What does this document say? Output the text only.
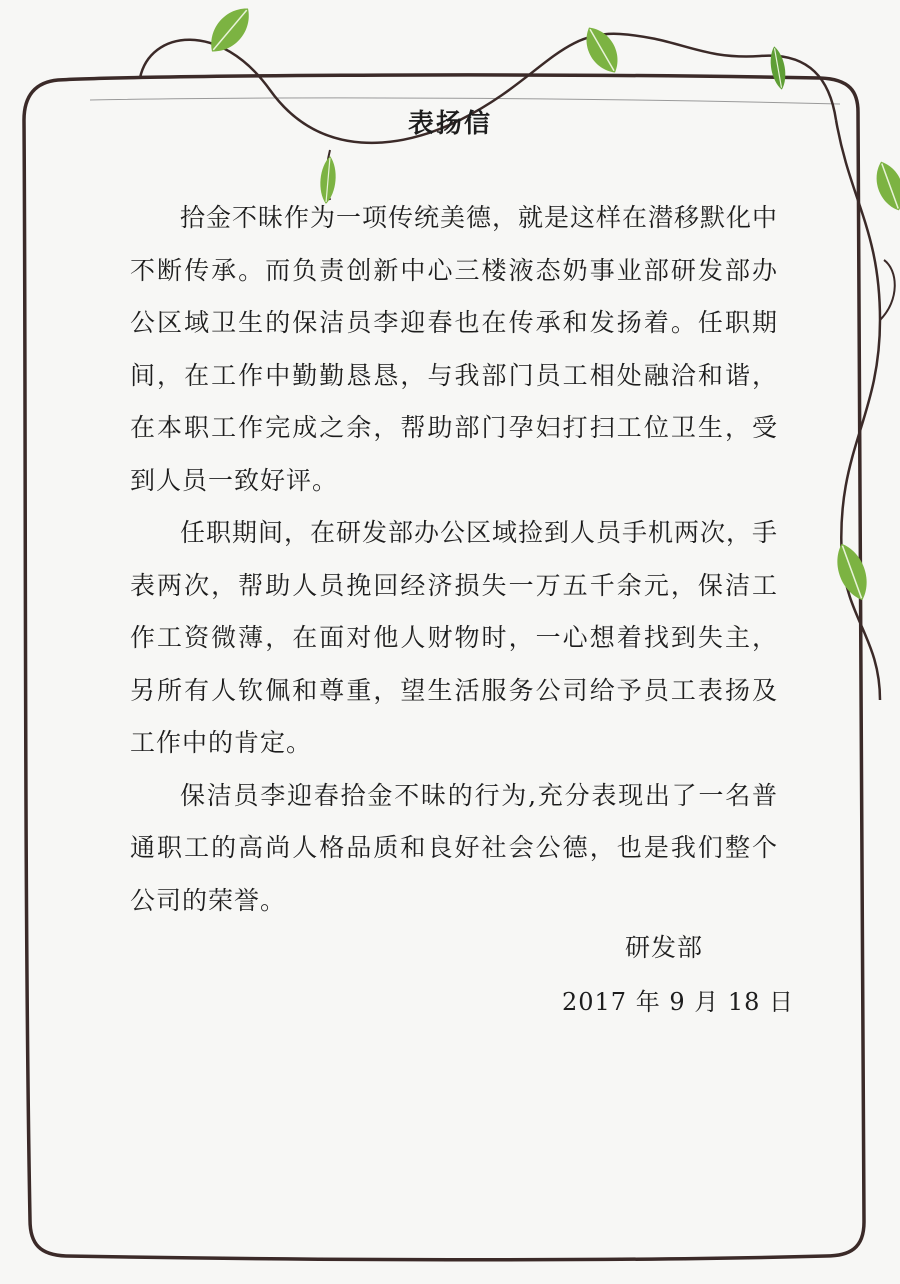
表扬信

拾金不昧作为一项传统美德，就是这样在潜移默化中不断传承。而负责创新中心三楼液态奶事业部研发部办公区域卫生的保洁员李迎春也在传承和发扬着。任职期间，在工作中勤勤恳恳，与我部门员工相处融洽和谐，在本职工作完成之余，帮助部门孕妇打扫工位卫生，受到人员一致好评。

任职期间，在研发部办公区域捡到人员手机两次，手表两次，帮助人员挽回经济损失一万五千余元，保洁工作工资微薄，在面对他人财物时，一心想着找到失主，另所有人钦佩和尊重，望生活服务公司给予员工表扬及工作中的肯定。

保洁员李迎春拾金不昧的行为,充分表现出了一名普通职工的高尚人格品质和良好社会公德，也是我们整个公司的荣誉。

研发部
2017 年 9 月 18 日
